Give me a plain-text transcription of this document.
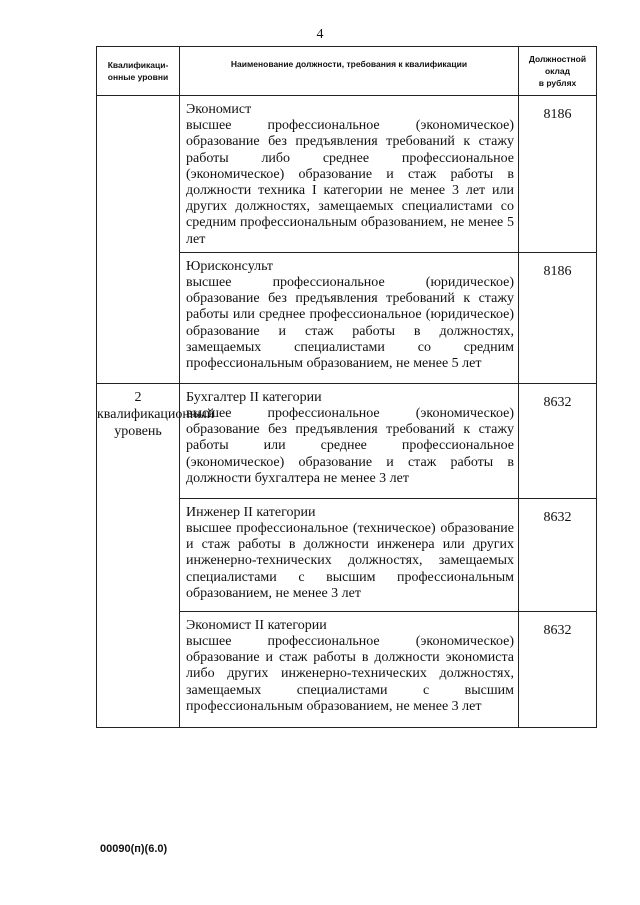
4
Квалификаци-
онные уровни	Наименование должности, требования к квалификации	Должностной
оклад
в рублях

	Экономист
высшее профессиональное (экономическое) образование без предъявления требований к стажу работы либо среднее профессиональное (экономическое) образование и стаж работы в должности техника I категории не менее 3 лет или других должностях, замещаемых специалистами со средним профессиональным образованием, не менее 5 лет	8186

	Юрисконсульт
высшее профессиональное (юридическое) образование без предъявления требований к стажу работы или среднее профессиональное (юридическое) образование и стаж работы в должностях, замещаемых специалистами со средним профессиональным образованием, не менее 5 лет	8186
2 квалификационный уровень	Бухгалтер II категории
высшее профессиональное (экономическое) образование без предъявления требований к стажу работы или среднее профессиональное (экономическое) образование и стаж работы в должности бухгалтера не менее 3 лет	8632

	Инженер II категории
высшее профессиональное (техническое) образование и стаж работы в должности инженера или других инженерно-технических должностях, замещаемых специалистами с высшим профессиональным образованием, не менее 3 лет	8632

	Экономист II категории
высшее профессиональное (экономическое) образование и стаж работы в должности экономиста либо других инженерно-технических должностях, замещаемых специалистами с высшим профессиональным образованием, не менее 3 лет	8632
00090(п)(6.0)
